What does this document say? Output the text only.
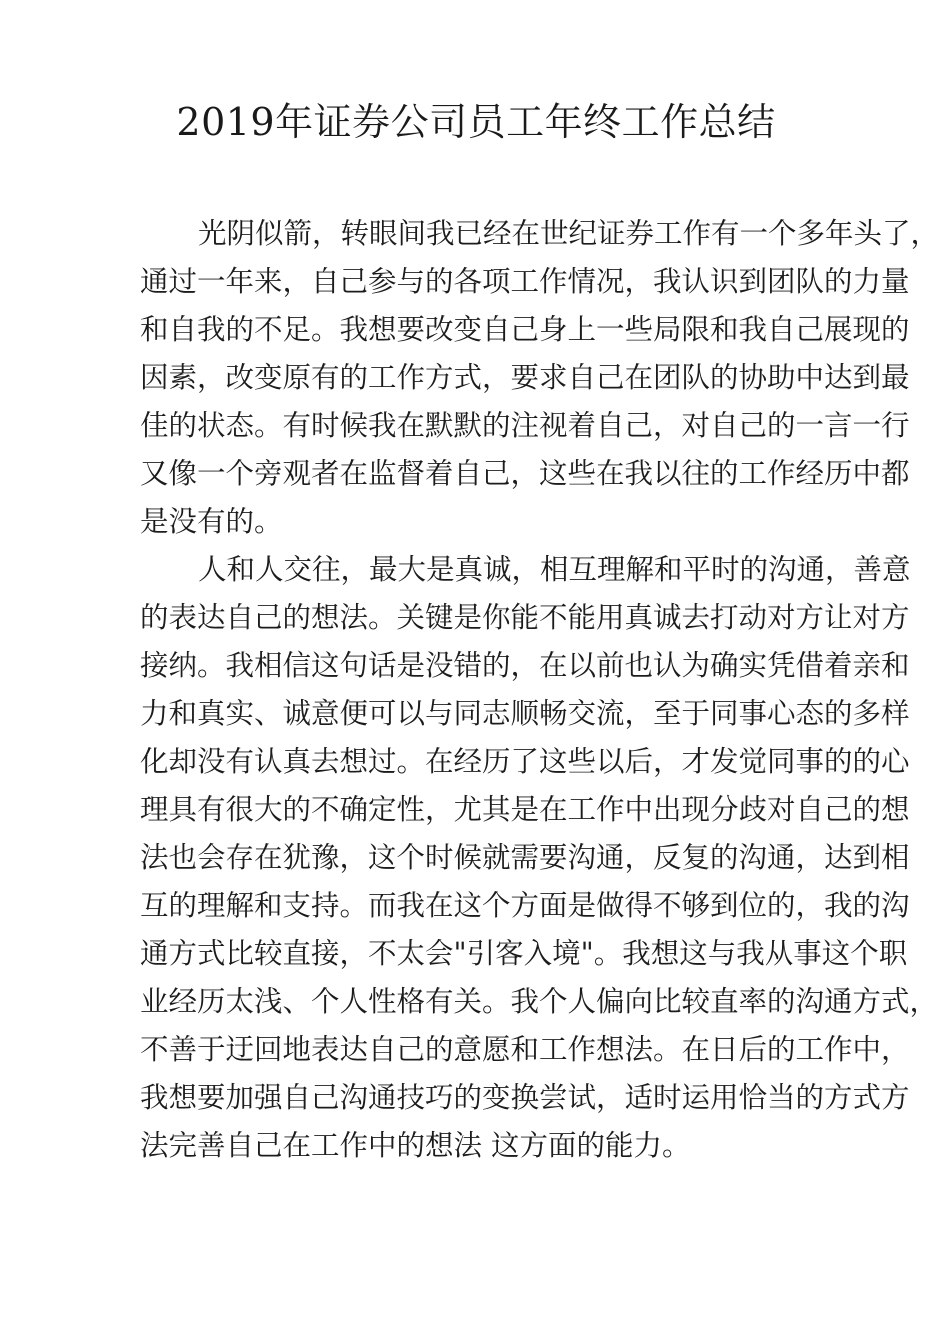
2019年证券公司员工年终工作总结

光阴似箭，转眼间我已经在世纪证券工作有一个多年头 了，
通过一年来，自己参与的各项工作情况，我认识到团队 的力量
和自我的不足。我想要改变自己身上一些局限和我自 己展现的
因素，改变原有的工作方式，要求自己在团队的协 助中达到最
佳的状态。有时候我在默默的注视着自己，对自 己的一言一行
又像一个旁观者在监督着自己，这些在我以往 的工作经历中都
是没有的。

人和人交往，最大是真诚，相互理解和平时的沟通，善 意
的表达自己的想法。关键是你能不能用真诚去打动对方让 对方
接纳。我相信这句话是没错的，在以前也认为确实凭借 着亲和
力和真实、诚意便可以与同志顺畅交流，至于同事心 态的多样
化却没有认真去想过。在经历了这些以后，才发觉 同事的的心
理具有很大的不确定性，尤其是在工作中出现分 歧对自己的想
法也会存在犹豫，这个时候就需要沟通，反复 的沟通，达到相
互的理解和支持。而我在这个方面是做得不 够到位的，我的沟
通方式比较直接，不太会"引客入境"。 我想这与我从事这个职
业经历太浅、个人性格有关。我个人 偏向比较直率的沟通方式，
不善于迂回地表达自己的意愿和 工作想法。在日后的工作中，
我想要加强自己沟通技巧的变 换尝试，适时运用恰当的方式方
法完善自己在工作中的想法 这方面的能力。
